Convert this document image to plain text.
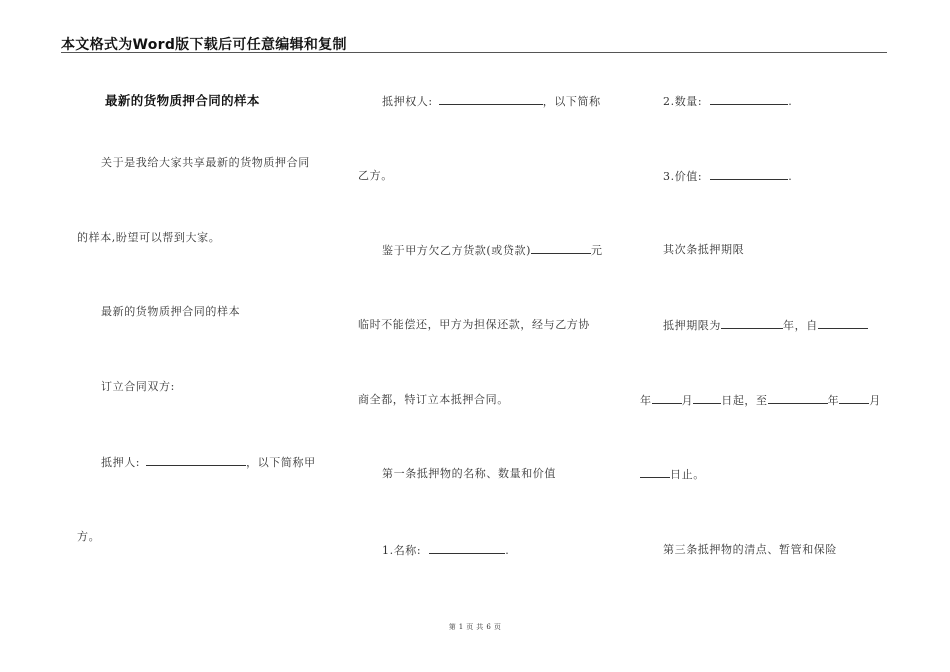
本文格式为Word版下载后可任意编辑和复制
最新的货物质押合同的样本
关于是我给大家共享最新的货物质押合同
的样本,盼望可以帮到大家。
最新的货物质押合同的样本
订立合同双方:
抵押人:	，以下简称甲
方。
抵押权人:	，以下简称
乙方。
鉴于甲方欠乙方货款(或贷款)	元
临时不能偿还，甲方为担保还款，经与乙方协
商全都，特订立本抵押合同。
第一条抵押物的名称、数量和价值
1.名称:	.
2.数量:	.
3.价值:	.
其次条抵押期限
抵押期限为	年，自
年	月	日起，至	年	月
日止。
第三条抵押物的清点、暂管和保险
第 1 页 共 6 页
